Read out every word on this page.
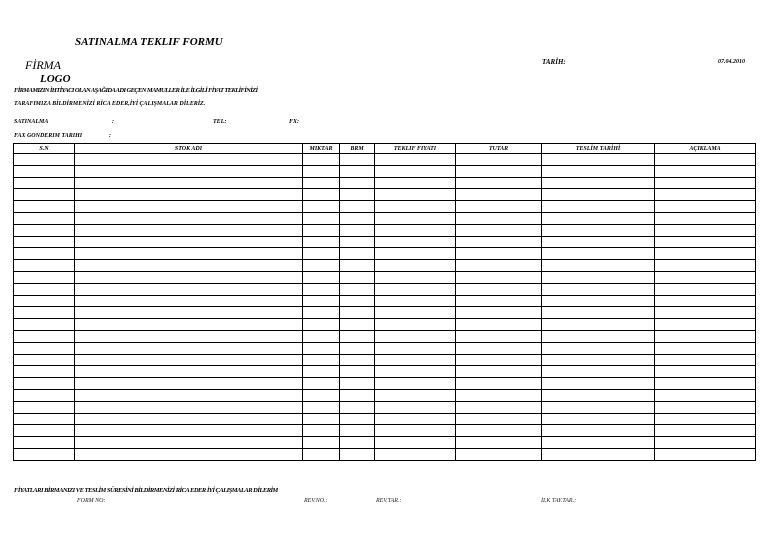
SATINALMA TEKLIF FORMU
FİRMA
LOGO
TARİH:	07.04.2010
FİRMAMIZIN İHTİYACI OLAN AŞAĞIDA ADI GEÇEN MAMULLER İLE İLGİLİ FİYAT TEKLİFİNİZİ
TARAFIMIZA BİLDİRMENİZİ RİCA EDER,İYİ ÇALIŞMALAR DİLERİZ.
SATINALMA	:	TEL:	FX:
FAX GONDERIM TARIHI	:
S.N	STOK ADI	MIKTAR	BRM	TEKLIF FIYATI	TUTAR	TESLİM TARİHİ	AÇIKLAMA

FİYATLARI BİRMANIZI VE TESLİM SÜRESİNİ BİLDİRMENİZİ RİCA EDER İYİ ÇALIŞMALAR DİLERİM
FORM NO:	REV.NO.:	REV.TAR.:	İLK TAY.TAR.:
